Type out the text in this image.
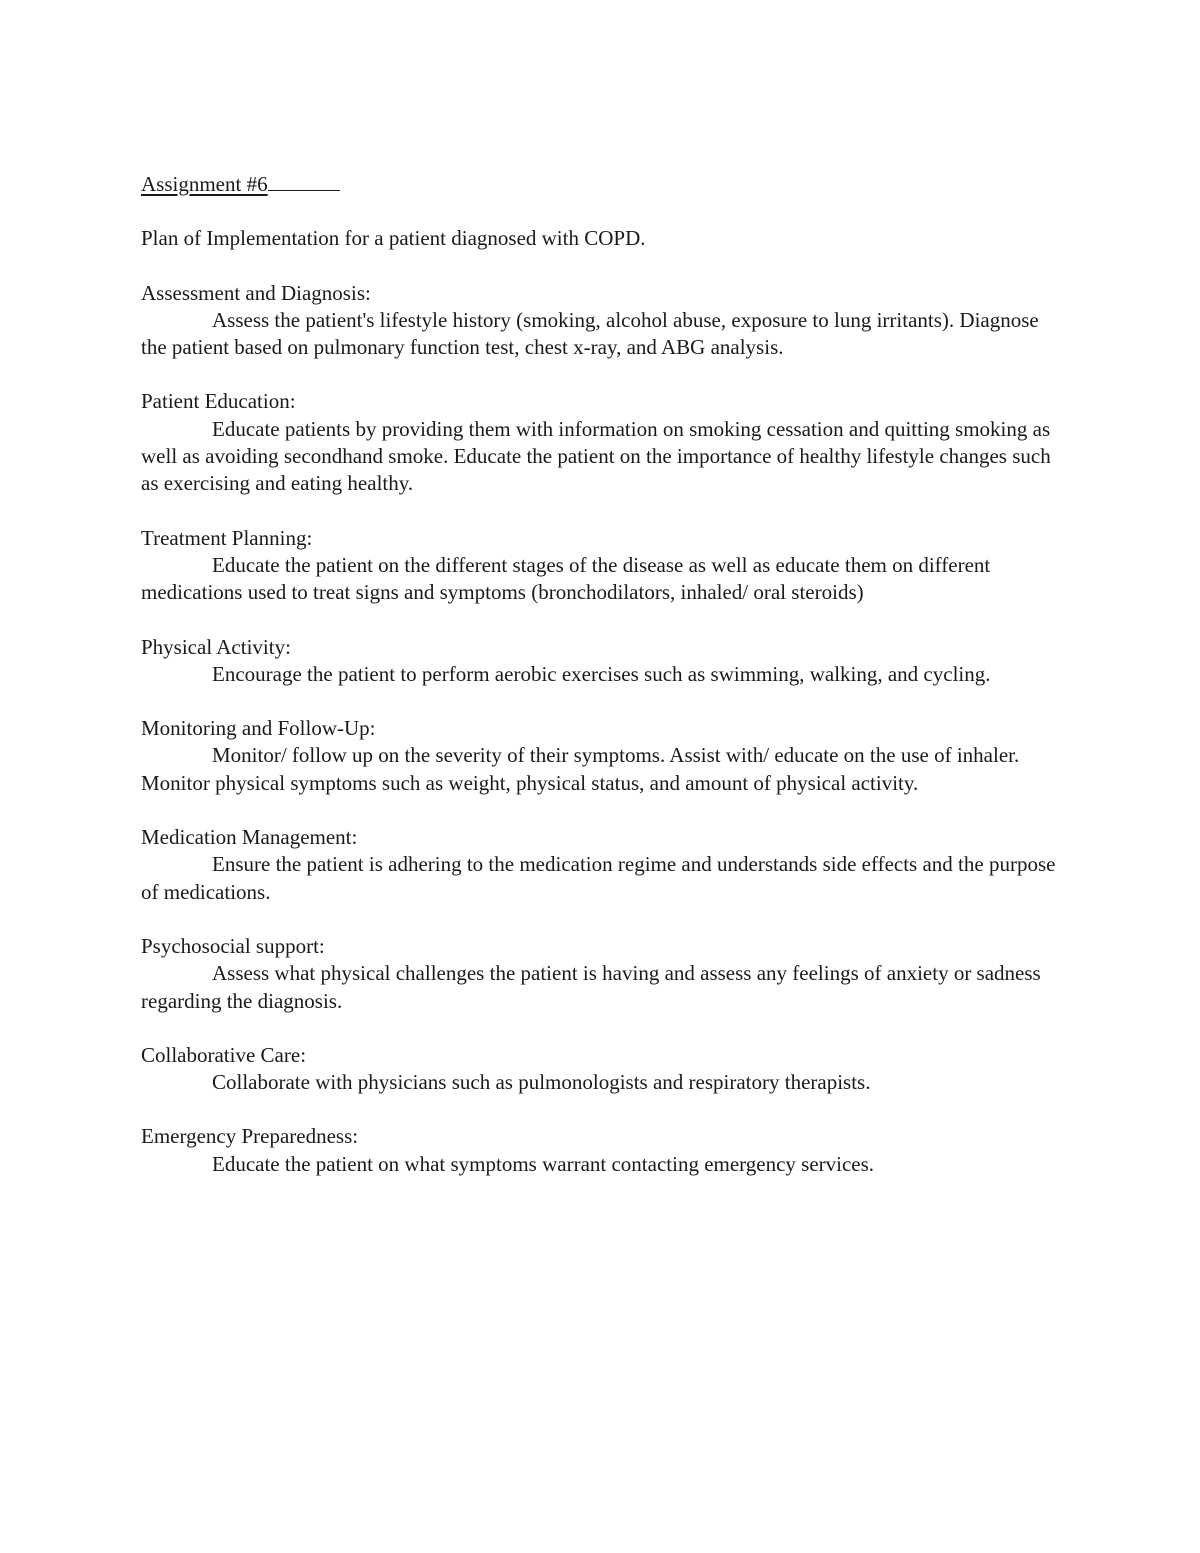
Assignment #6

Plan of Implementation for a patient diagnosed with COPD.

Assessment and Diagnosis:

Assess the patient's lifestyle history (smoking, alcohol abuse, exposure to lung irritants). Diagnose the patient based on pulmonary function test, chest x-ray, and ABG analysis.

Patient Education:

Educate patients by providing them with information on smoking cessation and quitting smoking as well as avoiding secondhand smoke. Educate the patient on the importance of healthy lifestyle changes such as exercising and eating healthy.

Treatment Planning:

Educate the patient on the different stages of the disease as well as educate them on different medications used to treat signs and symptoms (bronchodilators, inhaled/ oral steroids)

Physical Activity:

Encourage the patient to perform aerobic exercises such as swimming, walking, and cycling.

Monitoring and Follow-Up:

Monitor/ follow up on the severity of their symptoms. Assist with/ educate on the use of inhaler. Monitor physical symptoms such as weight, physical status, and amount of physical activity.

Medication Management:

Ensure the patient is adhering to the medication regime and understands side effects and the purpose of medications.

Psychosocial support:

Assess what physical challenges the patient is having and assess any feelings of anxiety or sadness regarding the diagnosis.

Collaborative Care:

Collaborate with physicians such as pulmonologists and respiratory therapists.

Emergency Preparedness:

Educate the patient on what symptoms warrant contacting emergency services.
